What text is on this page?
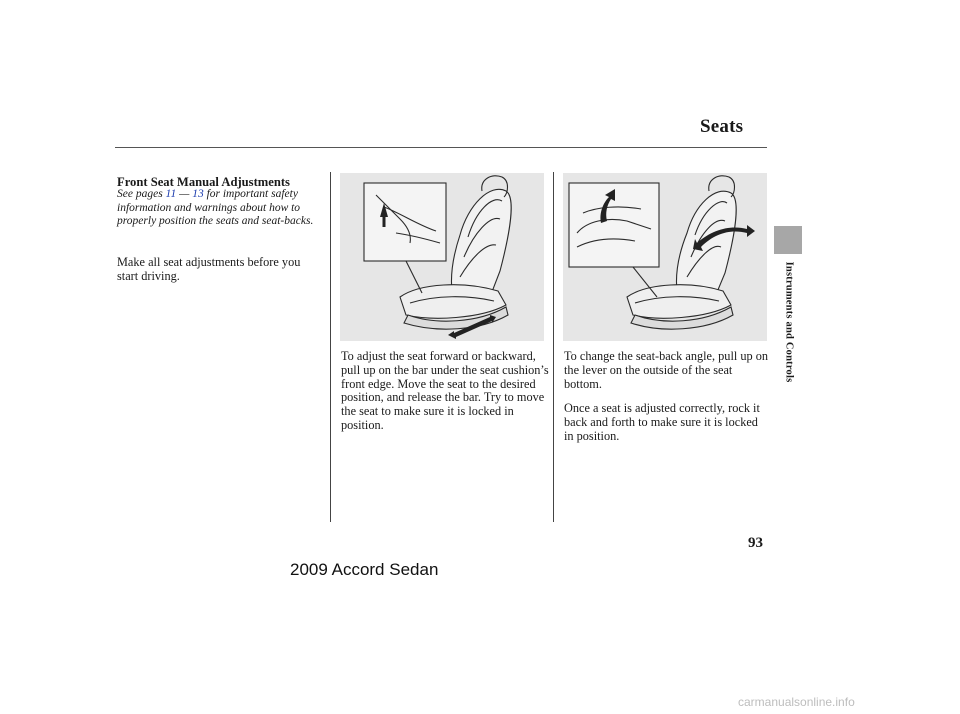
Seats
Front Seat Manual Adjustments
See pages 11 — 13 for important safety information and warnings about how to properly position the seats and seat-backs.
Make all seat adjustments before you start driving.
To adjust the seat forward or backward, pull up on the bar under the seat cushion’s front edge. Move the seat to the desired position, and release the bar. Try to move the seat to make sure it is locked in position.
To change the seat-back angle, pull up on the lever on the outside of the seat bottom.
Once a seat is adjusted correctly, rock it back and forth to make sure it is locked in position.
Instruments and Controls
93
2009 Accord Sedan
carmanualsonline.info
